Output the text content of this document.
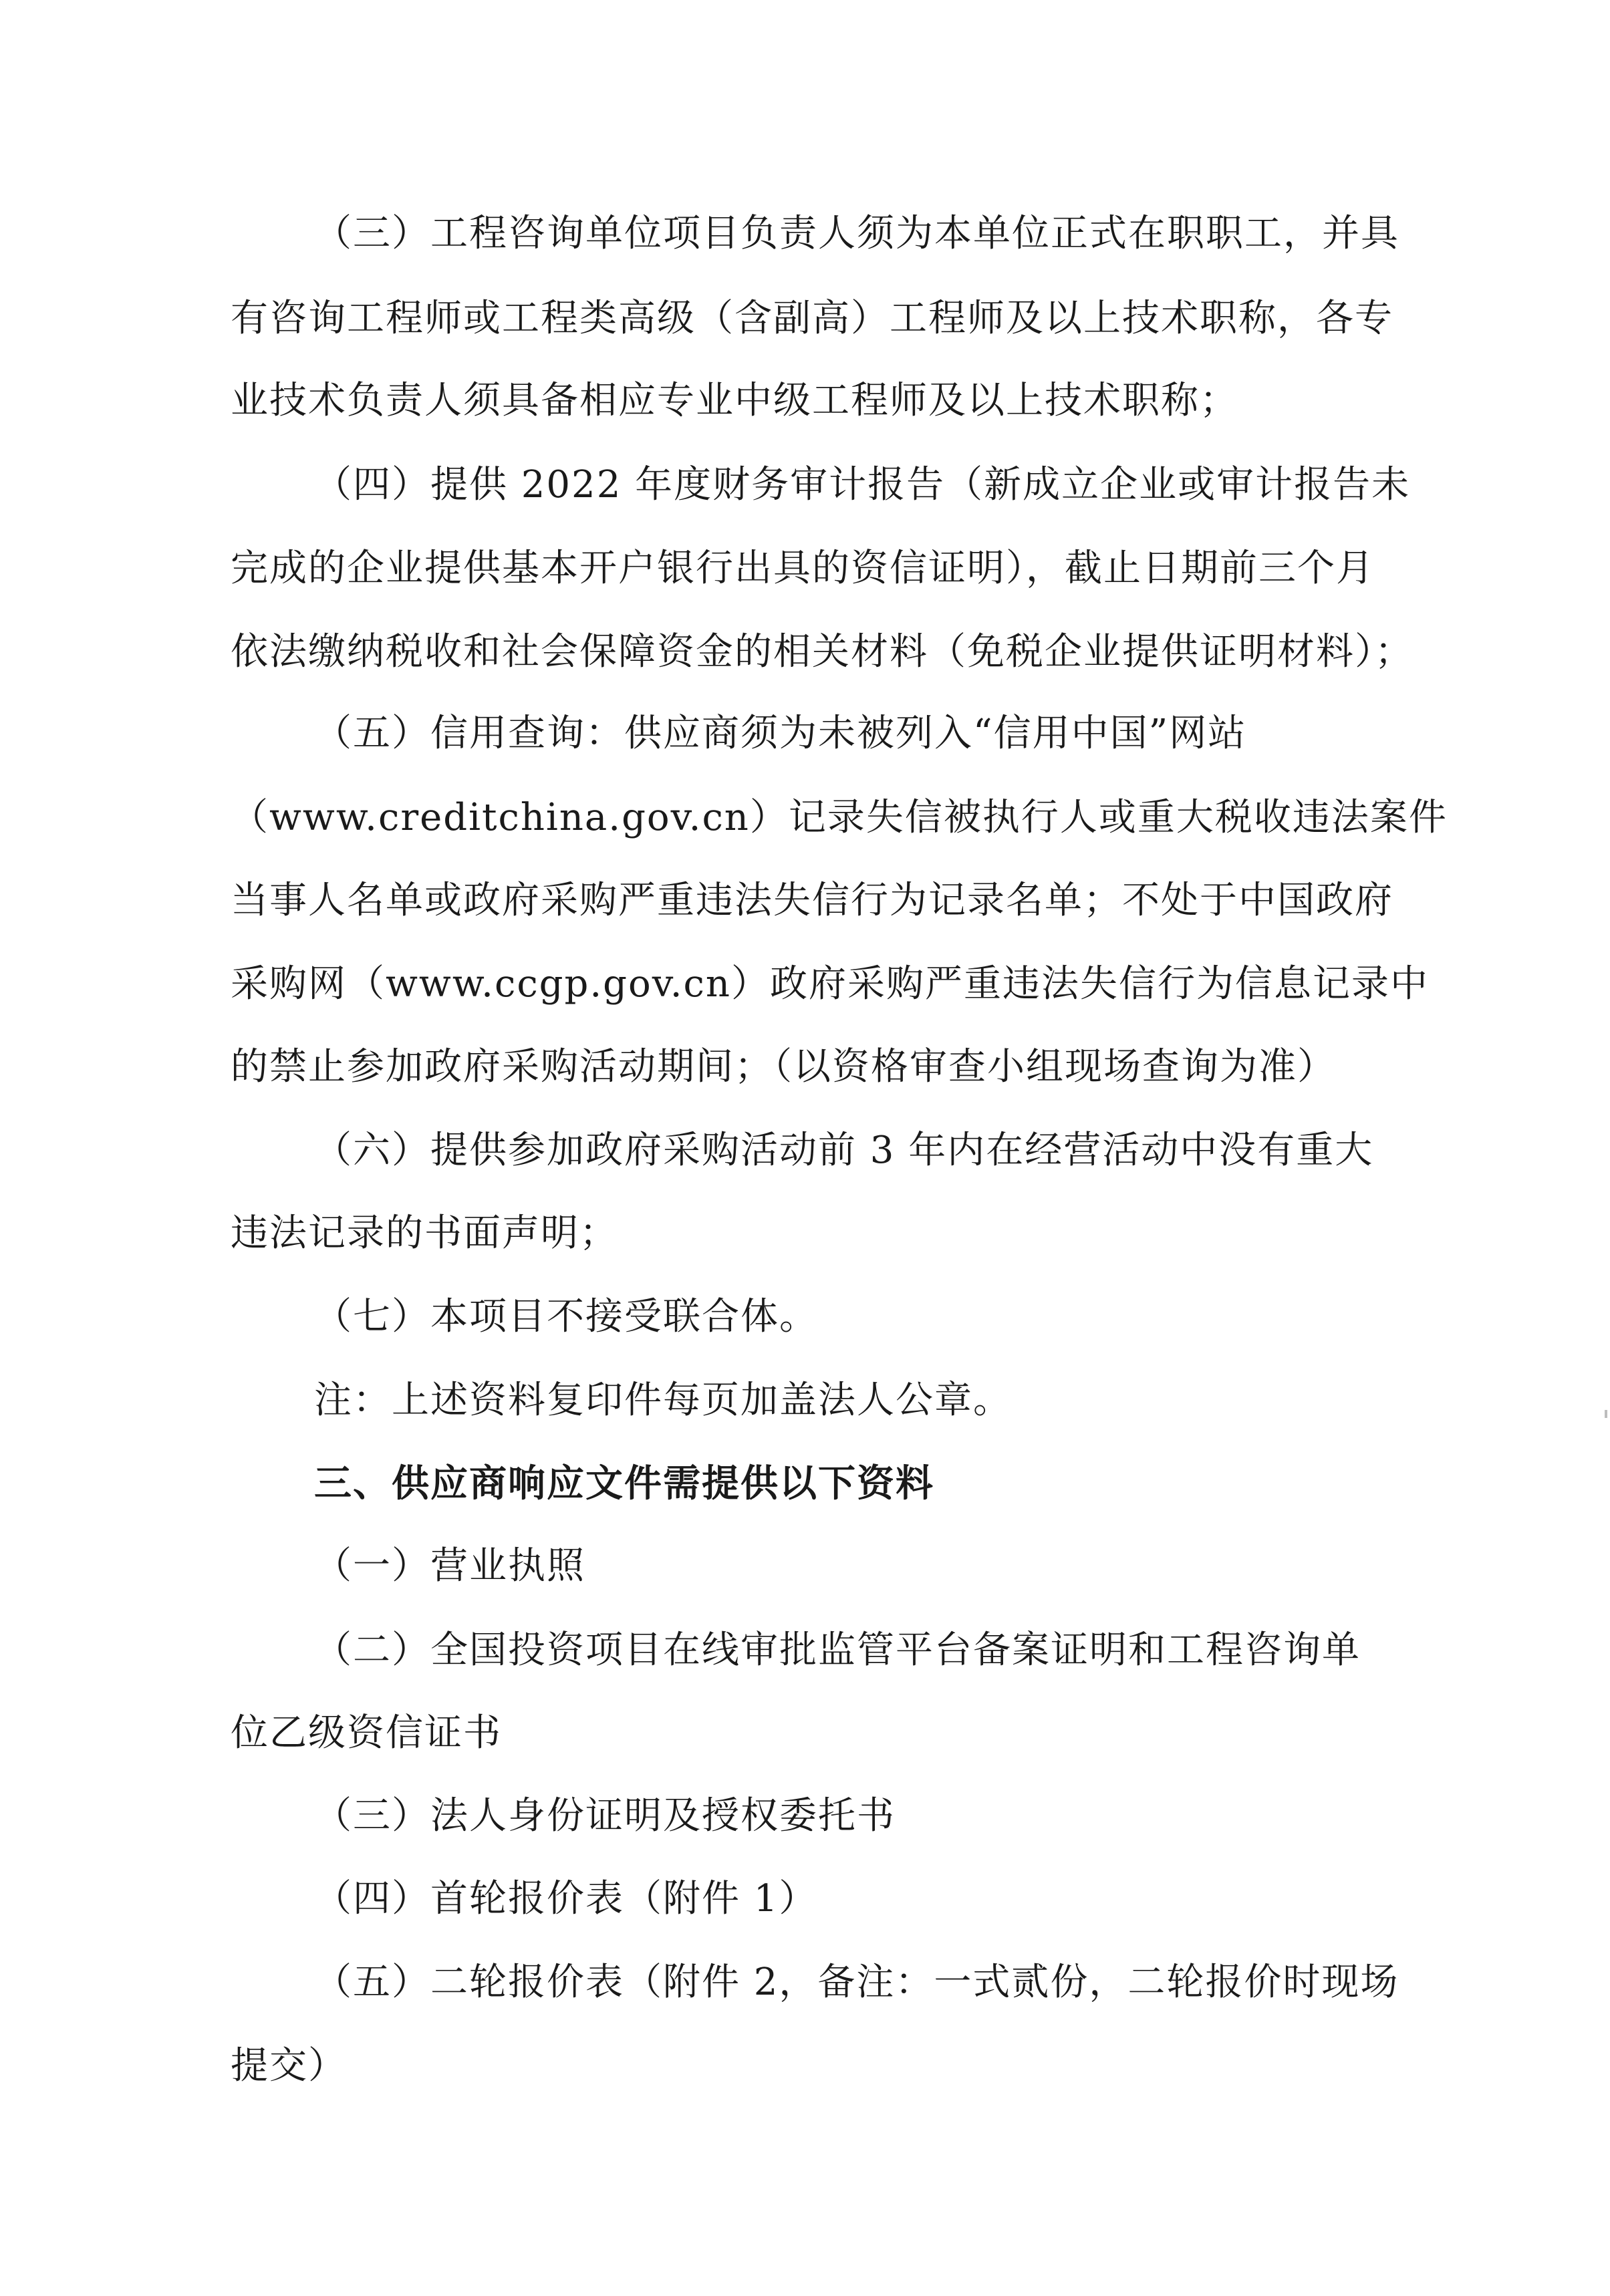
（三）工程咨询单位项目负责人须为本单位正式在职职工，并具
有咨询工程师或工程类高级（含副高）工程师及以上技术职称，各专
业技术负责人须具备相应专业中级工程师及以上技术职称；
（四）提供 2022 年度财务审计报告（新成立企业或审计报告未
完成的企业提供基本开户银行出具的资信证明），截止日期前三个月
依法缴纳税收和社会保障资金的相关材料（免税企业提供证明材料）；
（五）信用查询：供应商须为未被列入“信用中国”网站
（www.creditchina.gov.cn）记录失信被执行人或重大税收违法案件
当事人名单或政府采购严重违法失信行为记录名单；不处于中国政府
采购网（www.ccgp.gov.cn）政府采购严重违法失信行为信息记录中
的禁止参加政府采购活动期间；（以资格审查小组现场查询为准）
（六）提供参加政府采购活动前 3 年内在经营活动中没有重大
违法记录的书面声明；
（七）本项目不接受联合体。
注：上述资料复印件每页加盖法人公章。
三、供应商响应文件需提供以下资料
（一）营业执照
（二）全国投资项目在线审批监管平台备案证明和工程咨询单
位乙级资信证书
（三）法人身份证明及授权委托书
（四）首轮报价表（附件 1）
（五）二轮报价表（附件 2，备注：一式贰份，二轮报价时现场
提交）
